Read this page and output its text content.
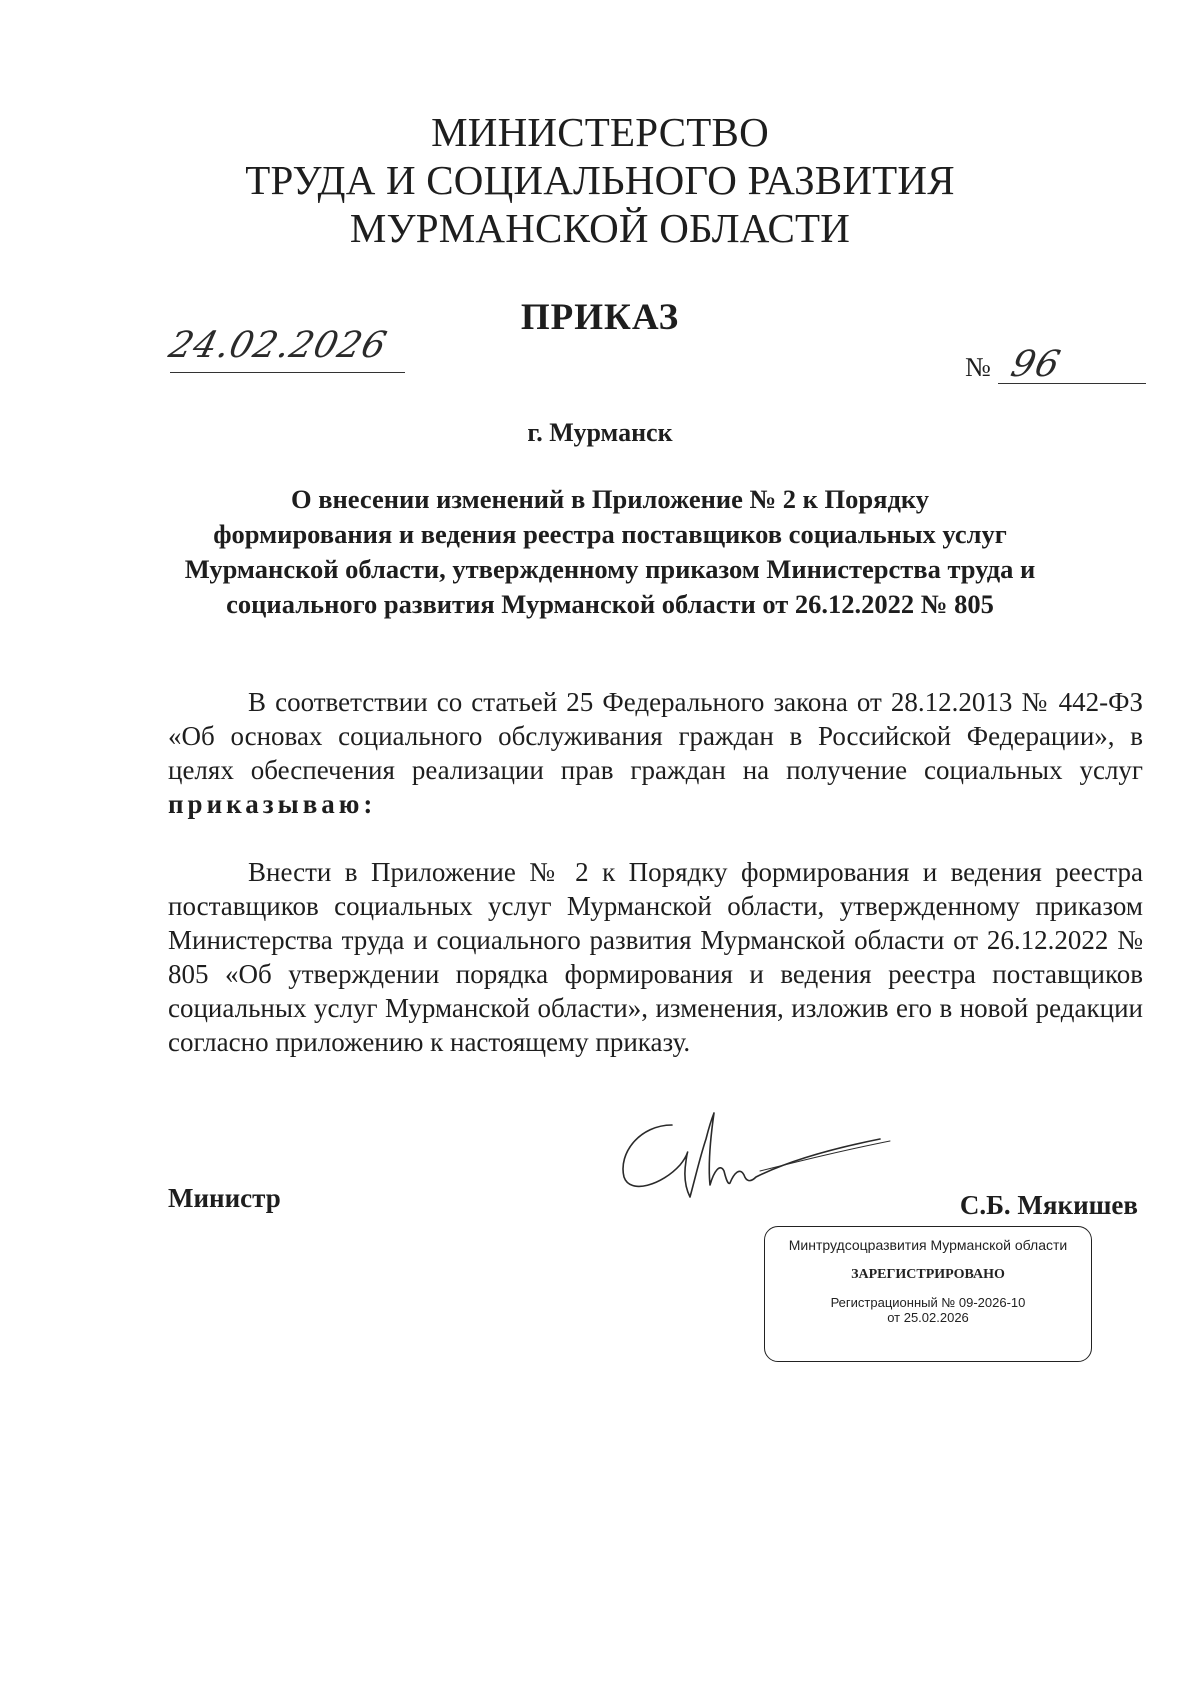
МИНИСТЕРСТВО
ТРУДА И СОЦИАЛЬНОГО РАЗВИТИЯ
МУРМАНСКОЙ ОБЛАСТИ
ПРИКАЗ
24.02.2026
№ 96
г. Мурманск
О внесении изменений в Приложение № 2 к Порядку
формирования и ведения реестра поставщиков социальных услуг
Мурманской области, утвержденному приказом Министерства труда и
социального развития Мурманской области от 26.12.2022 № 805

В соответствии со статьей 25 Федерального закона от 28.12.2013 № 442-ФЗ «Об основах социального обслуживания граждан в Российской Федерации», в целях обеспечения реализации прав граждан на получение социальных услуг приказываю:

Внести в Приложение № 2 к Порядку формирования и ведения реестра поставщиков социальных услуг Мурманской области, утвержденному приказом Министерства труда и социального развития Мурманской области от 26.12.2022 № 805 «Об утверждении порядка формирования и ведения реестра поставщиков социальных услуг Мурманской области», изменения, изложив его в новой редакции согласно приложению к настоящему приказу.

Министр	С.Б. Мякишев
Минтрудсоцразвития Мурманской области
ЗАРЕГИСТРИРОВАНО
Регистрационный № 09-2026-10
от 25.02.2026
